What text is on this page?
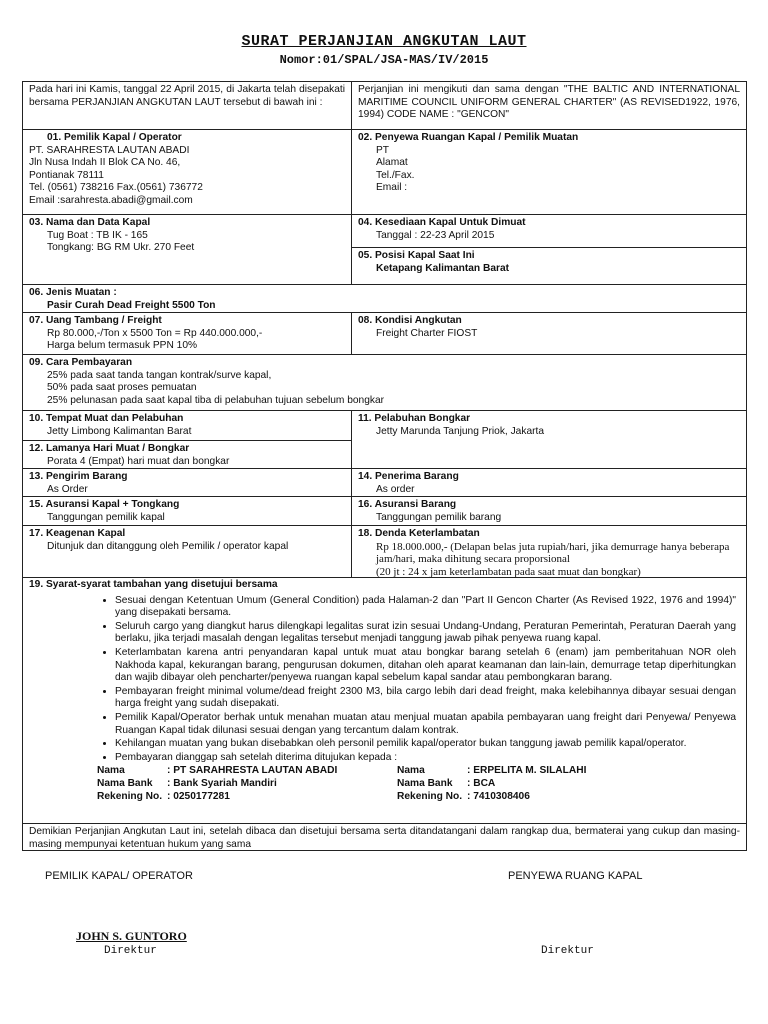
SURAT PERJANJIAN ANGKUTAN LAUT
Nomor:01/SPAL/JSA-MAS/IV/2015
Pada hari ini Kamis, tanggal 22 April 2015, di Jakarta telah disepakati bersama PERJANJIAN ANGKUTAN LAUT tersebut di bawah ini :
Perjanjian ini mengikuti dan sama dengan "THE BALTIC AND INTERNATIONAL MARITIME COUNCIL UNIFORM GENERAL CHARTER" (AS REVISED1922, 1976, 1994) CODE NAME : "GENCON"
01. Pemilik Kapal / Operator
PT. SARAHRESTA LAUTAN ABADI
Jln Nusa Indah II Blok CA No. 46,
Pontianak 78111
Tel. (0561) 738216 Fax.(0561) 736772
Email :sarahresta.abadi@gmail.com
02. Penyewa Ruangan Kapal / Pemilik Muatan
PT
Alamat
Tel./Fax.
Email :
03. Nama dan Data Kapal
Tug Boat : TB IK - 165
Tongkang: BG RM Ukr. 270 Feet
04. Kesediaan Kapal Untuk Dimuat
Tanggal : 22-23 April 2015
05. Posisi Kapal Saat Ini
Ketapang Kalimantan Barat
06. Jenis Muatan :
Pasir Curah Dead Freight 5500 Ton
07. Uang Tambang / Freight
Rp 80.000,-/Ton x 5500 Ton = Rp 440.000.000,-
Harga belum termasuk PPN 10%
08. Kondisi Angkutan
Freight Charter FIOST
09. Cara Pembayaran
25% pada saat tanda tangan kontrak/surve kapal,
50% pada saat proses pemuatan
25% pelunasan pada saat kapal tiba di pelabuhan tujuan sebelum bongkar
10. Tempat Muat dan Pelabuhan
Jetty Limbong Kalimantan Barat
11. Pelabuhan Bongkar
Jetty Marunda Tanjung Priok, Jakarta
12. Lamanya Hari Muat / Bongkar
Porata 4 (Empat) hari muat dan bongkar
13. Pengirim Barang
As Order
14. Penerima Barang
As order
15. Asuransi Kapal + Tongkang
Tanggungan pemilik kapal
16. Asuransi Barang
Tanggungan pemilik barang
17. Keagenan Kapal
Ditunjuk dan ditanggung oleh Pemilik / operator kapal
18. Denda Keterlambatan
Rp 18.000.000,- (Delapan belas juta rupiah/hari, jika demurrage hanya beberapa jam/hari, maka dihitung secara proporsional
(20 jt : 24 x jam keterlambatan pada saat muat dan bongkar)
19. Syarat-syarat tambahan yang disetujui bersama
• Sesuai dengan Ketentuan Umum (General Condition) pada Halaman-2 dan "Part II Gencon Charter (As Revised 1922, 1976 and 1994)" yang disepakati bersama.
• Seluruh cargo yang diangkut harus dilengkapi legalitas surat izin sesuai Undang-Undang, Peraturan Pemerintah, Peraturan Daerah yang berlaku, jika terjadi masalah dengan legalitas tersebut menjadi tanggung jawab pihak penyewa ruang kapal.
• Keterlambatan karena antri penyandaran kapal untuk muat atau bongkar barang setelah 6 (enam) jam pemberitahuan NOR oleh Nakhoda kapal, kekurangan barang, pengurusan dokumen, ditahan oleh aparat keamanan dan lain-lain, demurrage tetap diperhitungkan dan wajib dibayar oleh pencharter/penyewa ruangan kapal sebelum kapal sandar atau pembongkaran barang.
• Pembayaran freight minimal volume/dead freight 2300 M3, bila cargo lebih dari dead freight, maka kelebihannya dibayar sesuai dengan harga freight yang sudah disepakati.
• Pemilik Kapal/Operator berhak untuk menahan muatan atau menjual muatan apabila pembayaran uang freight dari Penyewa/ Penyewa Ruangan Kapal tidak dilunasi sesuai dengan yang tercantum dalam kontrak.
• Kehilangan muatan yang bukan disebabkan oleh personil pemilik kapal/operator bukan tanggung jawab pemilik kapal/operator.
• Pembayaran dianggap sah setelah diterima ditujukan kepada :
Nama	: PT SARAHRESTA LAUTAN ABADI	Nama	: ERPELITA M. SILALAHI
Nama Bank	: Bank Syariah Mandiri	Nama Bank	: BCA
Rekening No. : 0250177281	Rekening No. : 7410308406
Demikian Perjanjian Angkutan Laut ini, setelah dibaca dan disetujui bersama serta ditandatangani dalam rangkap dua, bermaterai yang cukup dan masing-masing mempunyai ketentuan hukum yang sama
PEMILIK KAPAL/ OPERATOR	PENYEWA RUANG KAPAL
JOHN S. GUNTORO
Direktur	Direktur
